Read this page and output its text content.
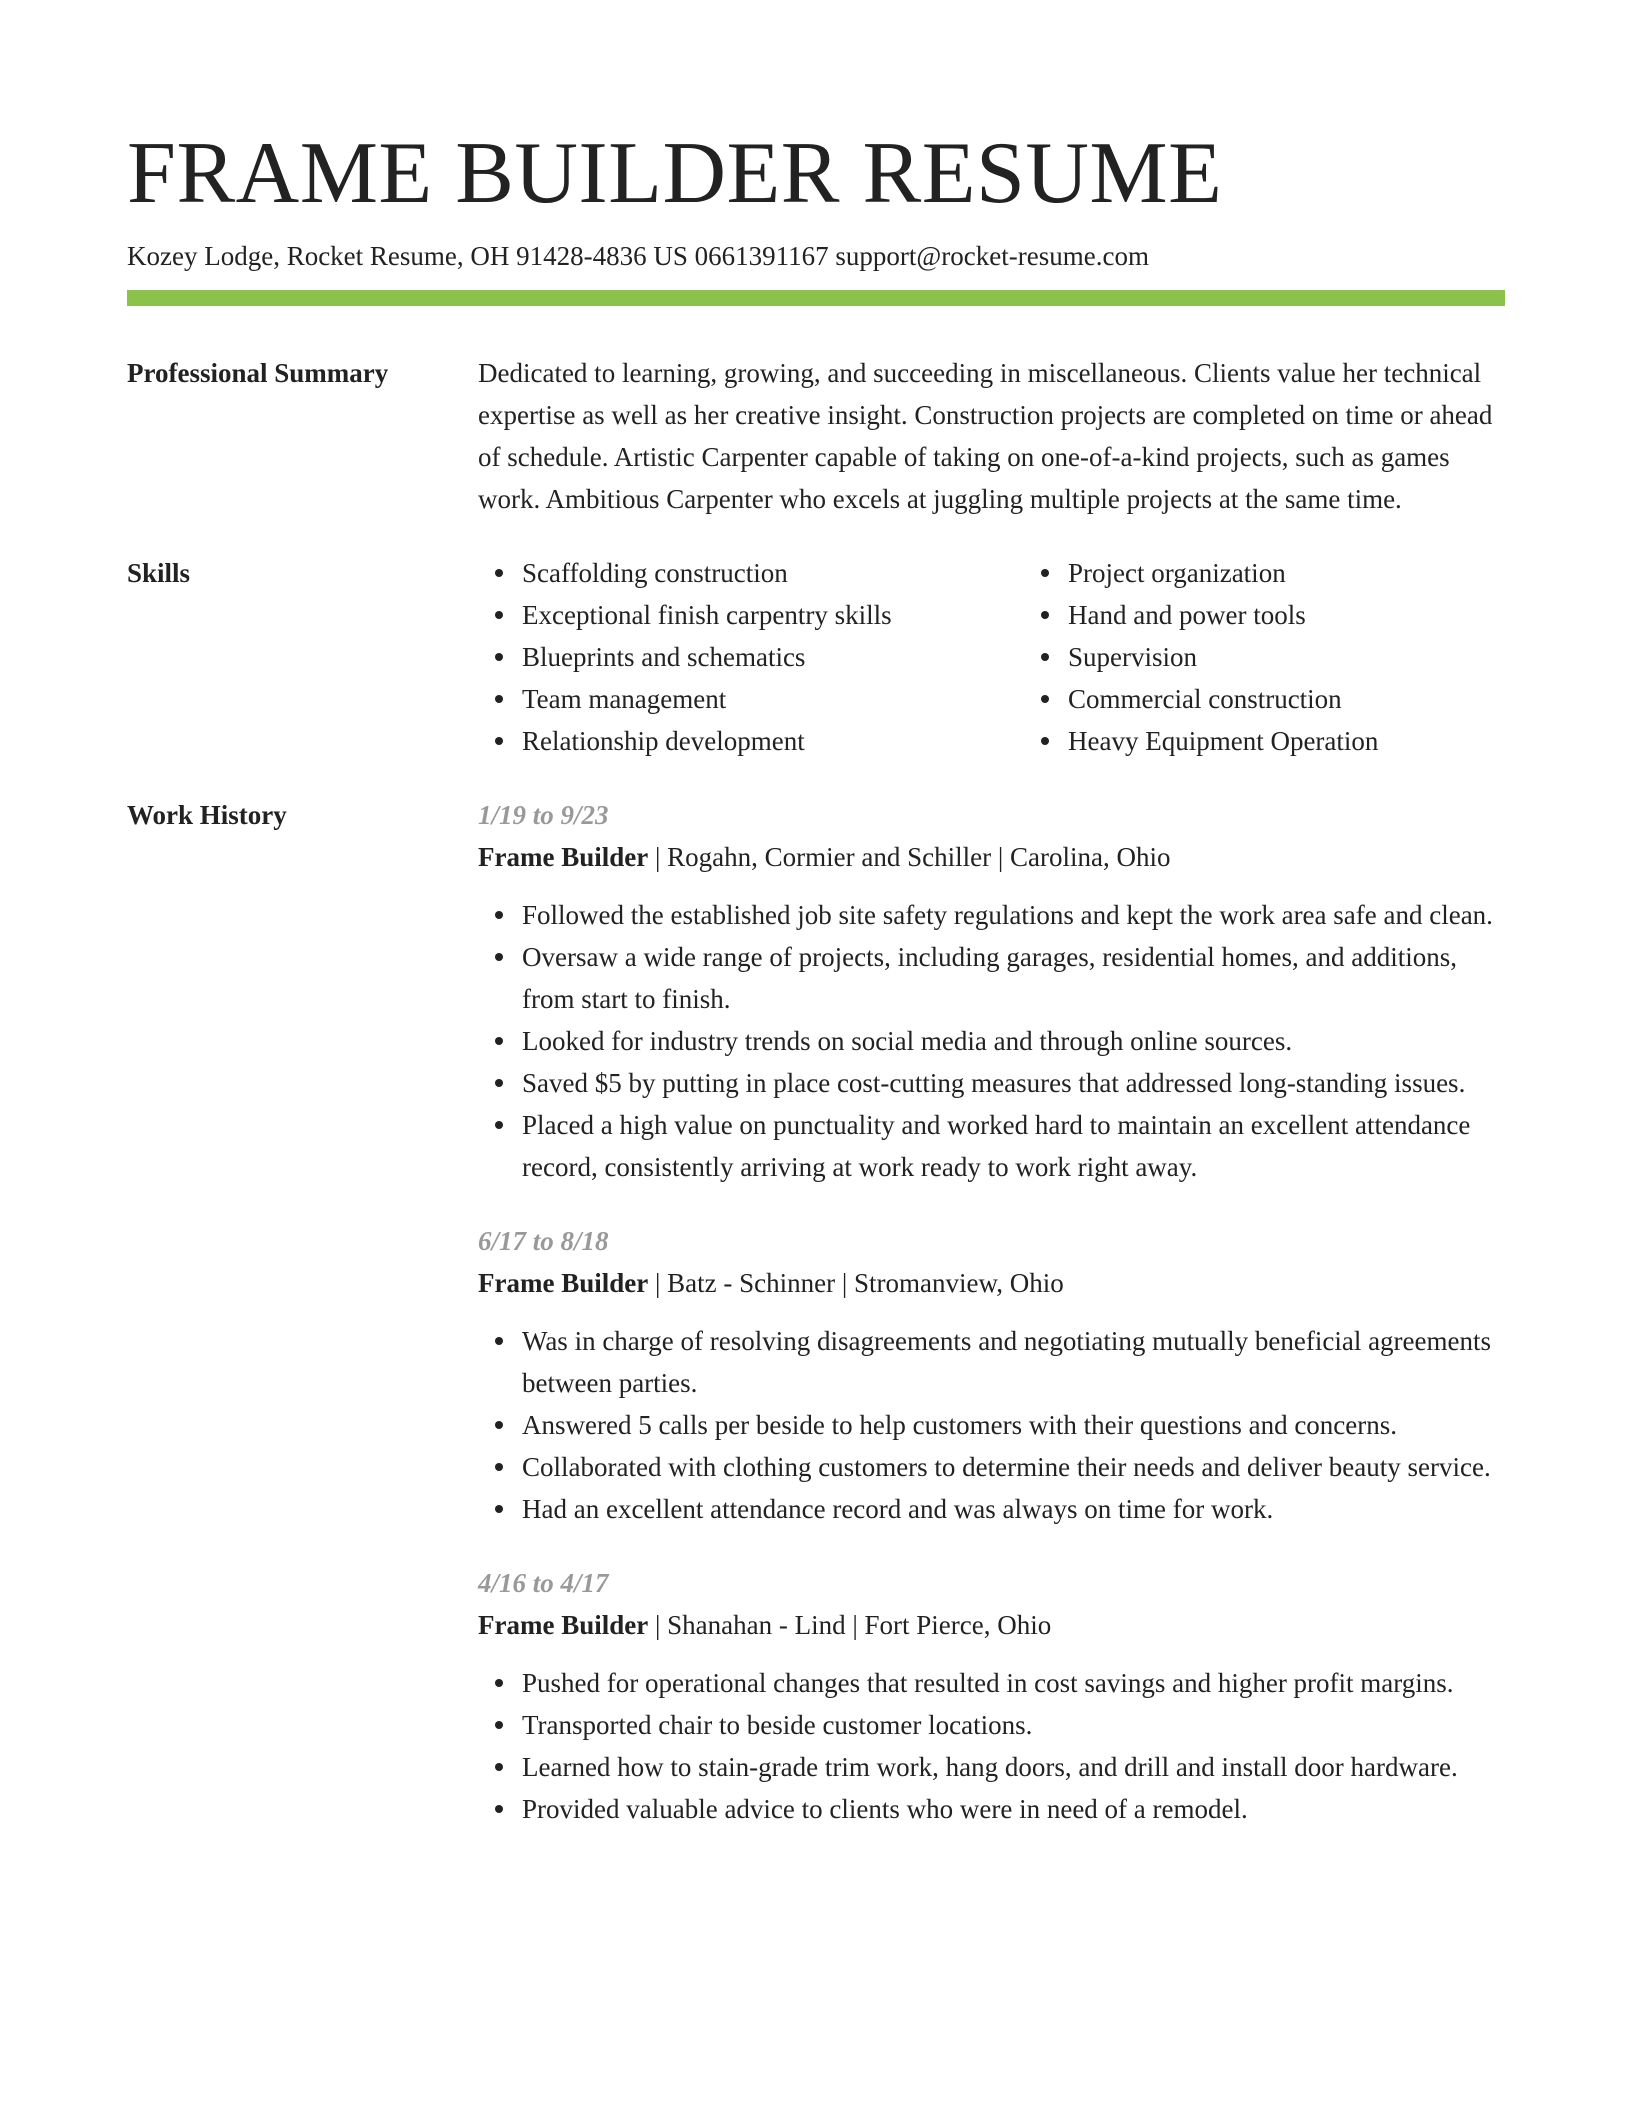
FRAME BUILDER RESUME
Kozey Lodge, Rocket Resume, OH 91428-4836 US 0661391167 support@rocket-resume.com
Professional Summary	Dedicated to learning, growing, and succeeding in miscellaneous. Clients value her technical expertise as well as her creative insight. Construction projects are completed on time or ahead of schedule. Artistic Carpenter capable of taking on one-of-a-kind projects, such as games work. Ambitious Carpenter who excels at juggling multiple projects at the same time.
Skills	Scaffolding construction
Exceptional finish carpentry skills
Blueprints and schematics
Team management
Relationship development
Project organization
Hand and power tools
Supervision
Commercial construction
Heavy Equipment Operation
Work History	1/19 to 9/23
Frame Builder | Rogahn, Cormier and Schiller | Carolina, Ohio
Followed the established job site safety regulations and kept the work area safe and clean.
Oversaw a wide range of projects, including garages, residential homes, and additions, from start to finish.
Looked for industry trends on social media and through online sources.
Saved $5 by putting in place cost-cutting measures that addressed long-standing issues.
Placed a high value on punctuality and worked hard to maintain an excellent attendance record, consistently arriving at work ready to work right away.
6/17 to 8/18
Frame Builder | Batz - Schinner | Stromanview, Ohio
Was in charge of resolving disagreements and negotiating mutually beneficial agreements between parties.
Answered 5 calls per beside to help customers with their questions and concerns.
Collaborated with clothing customers to determine their needs and deliver beauty service.
Had an excellent attendance record and was always on time for work.
4/16 to 4/17
Frame Builder | Shanahan - Lind | Fort Pierce, Ohio
Pushed for operational changes that resulted in cost savings and higher profit margins.
Transported chair to beside customer locations.
Learned how to stain-grade trim work, hang doors, and drill and install door hardware.
Provided valuable advice to clients who were in need of a remodel.
